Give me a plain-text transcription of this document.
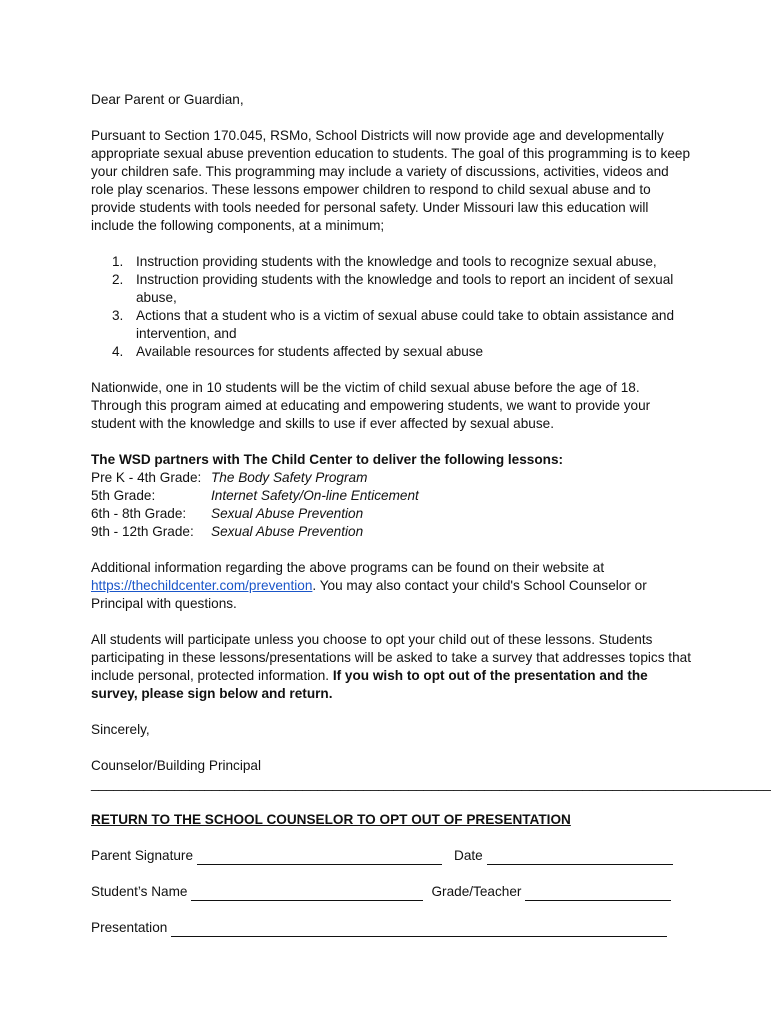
Dear Parent or Guardian,

Pursuant to Section 170.045, RSMo, School Districts will now provide age and developmentally appropriate sexual abuse prevention education to students. The goal of this programming is to keep your children safe. This programming may include a variety of discussions, activities, videos and role play scenarios. These lessons empower children to respond to child sexual abuse and to provide students with tools needed for personal safety. Under Missouri law this education will include the following components, at a minimum;

1. Instruction providing students with the knowledge and tools to recognize sexual abuse,
2. Instruction providing students with the knowledge and tools to report an incident of sexual abuse,
3. Actions that a student who is a victim of sexual abuse could take to obtain assistance and intervention, and
4. Available resources for students affected by sexual abuse

Nationwide, one in 10 students will be the victim of child sexual abuse before the age of 18. Through this program aimed at educating and empowering students, we want to provide your student with the knowledge and skills to use if ever affected by sexual abuse.

The WSD partners with The Child Center to deliver the following lessons:

Pre K - 4th Grade: The Body Safety Program
5th Grade:	Internet Safety/On-line Enticement
6th - 8th Grade:	Sexual Abuse Prevention
9th - 12th Grade:	Sexual Abuse Prevention

Additional information regarding the above programs can be found on their website at https://thechildcenter.com/prevention. You may also contact your child's School Counselor or Principal with questions.

All students will participate unless you choose to opt your child out of these lessons. Students participating in these lessons/presentations will be asked to take a survey that addresses topics that include personal, protected information. If you wish to opt out of the presentation and the survey, please sign below and return.

Sincerely,

Counselor/Building Principal

__________________________________________________________________________________________

RETURN TO THE SCHOOL COUNSELOR TO OPT OUT OF PRESENTATION

Parent Signature	Date
Student’s Name	Grade/Teacher
Presentation
